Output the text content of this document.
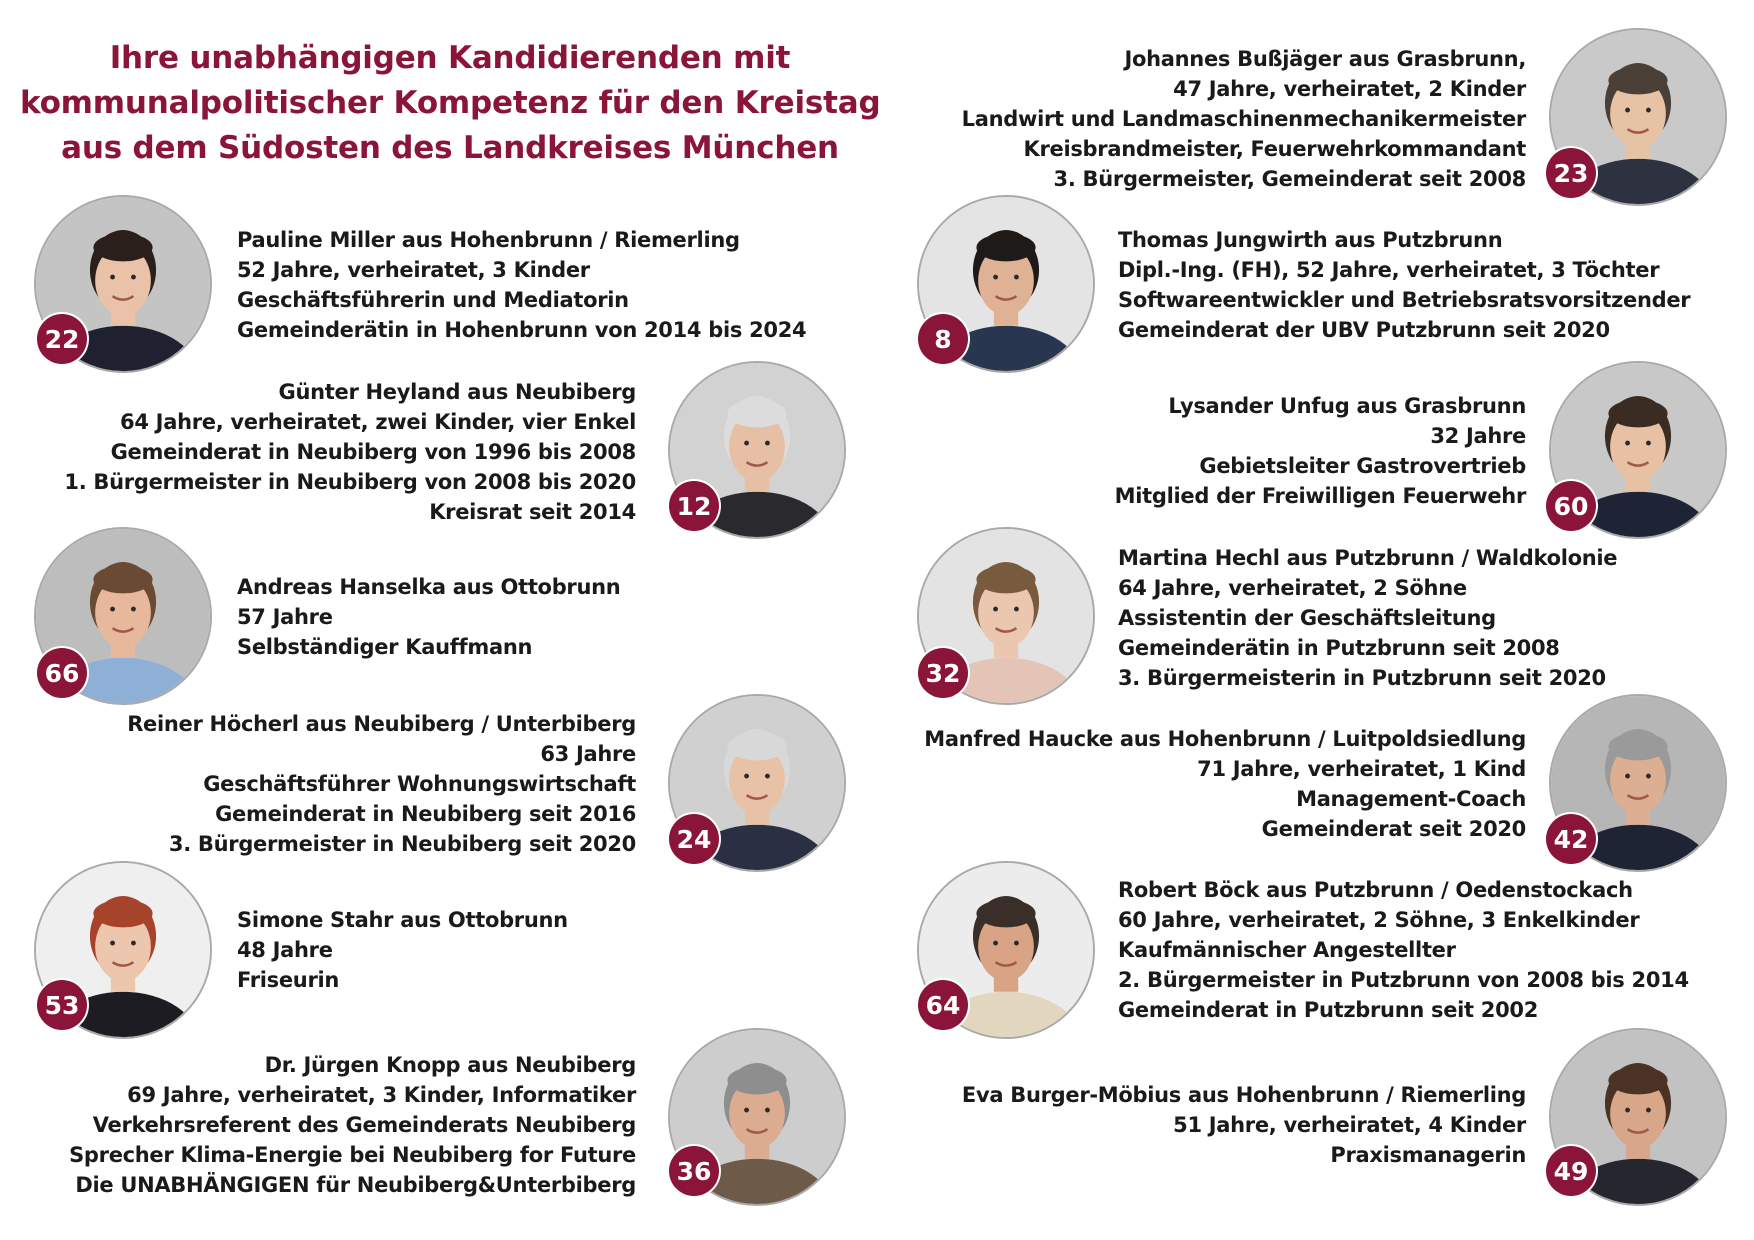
Ihre unabhängigen Kandidierenden mit
kommunalpolitischer Kompetenz für den Kreistag
aus dem Südosten des Landkreises München
23
Johannes Bußjäger aus Grasbrunn,
47 Jahre, verheiratet, 2 Kinder
Landwirt und Landmaschinenmechanikermeister
Kreisbrandmeister, Feuerwehrkommandant
3. Bürgermeister, Gemeinderat seit 2008
22
Pauline Miller aus Hohenbrunn / Riemerling
52 Jahre, verheiratet, 3 Kinder
Geschäftsführerin und Mediatorin
Gemeinderätin in Hohenbrunn von 2014 bis 2024	8
Thomas Jungwirth aus Putzbrunn
Dipl.-Ing. (FH), 52 Jahre, verheiratet, 3 Töchter
Softwareentwickler und Betriebsratsvorsitzender
Gemeinderat der UBV Putzbrunn seit 2020
12
Günter Heyland aus Neubiberg
64 Jahre, verheiratet, zwei Kinder, vier Enkel
Gemeinderat in Neubiberg von 1996 bis 2008
1. Bürgermeister in Neubiberg von 2008 bis 2020
Kreisrat seit 2014	60
Lysander Unfug aus Grasbrunn
32 Jahre
Gebietsleiter Gastrovertrieb
Mitglied der Freiwilligen Feuerwehr
66
Andreas Hanselka aus Ottobrunn
57 Jahre
Selbständiger Kauffmann
32
Martina Hechl aus Putzbrunn / Waldkolonie
64 Jahre, verheiratet, 2 Söhne
Assistentin der Geschäftsleitung
Gemeinderätin in Putzbrunn seit 2008
3. Bürgermeisterin in Putzbrunn seit 2020
24
Reiner Höcherl aus Neubiberg / Unterbiberg
63 Jahre
Geschäftsführer Wohnungswirtschaft
Gemeinderat in Neubiberg seit 2016
3. Bürgermeister in Neubiberg seit 2020	42
Manfred Haucke aus Hohenbrunn / Luitpoldsiedlung
71 Jahre, verheiratet, 1 Kind
Management-Coach
Gemeinderat seit 2020
53
Simone Stahr aus Ottobrunn
48 Jahre
Friseurin
64
Robert Böck aus Putzbrunn / Oedenstockach
60 Jahre, verheiratet, 2 Söhne, 3 Enkelkinder
Kaufmännischer Angestellter
2. Bürgermeister in Putzbrunn von 2008 bis 2014
Gemeinderat in Putzbrunn seit 2002
36
Dr. Jürgen Knopp aus Neubiberg
69 Jahre, verheiratet, 3 Kinder, Informatiker
Verkehrsreferent des Gemeinderats Neubiberg
Sprecher Klima-Energie bei Neubiberg for Future
Die UNABHÄNGIGEN für Neubiberg&Unterbiberg	49
Eva Burger-Möbius aus Hohenbrunn / Riemerling
51 Jahre, verheiratet, 4 Kinder
Praxismanagerin
